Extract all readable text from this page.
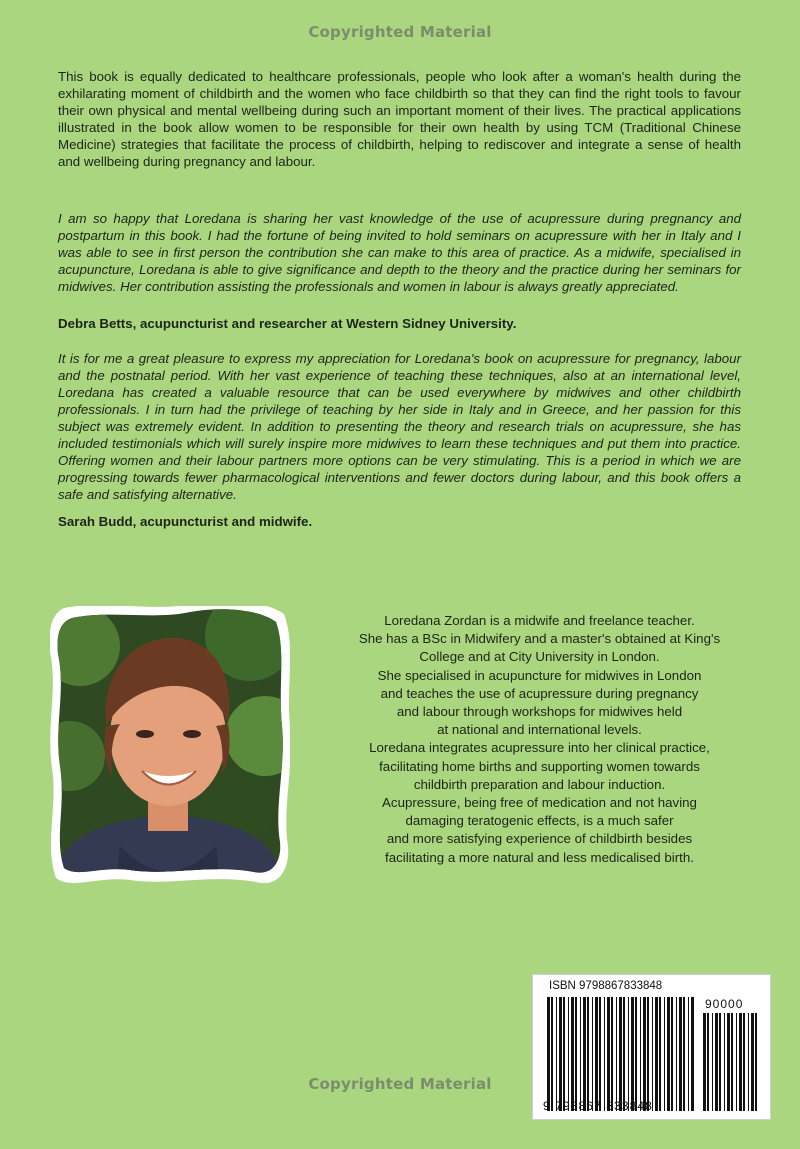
Copyrighted Material

This book is equally dedicated to healthcare professionals, people who look after a woman's health during the exhilarating moment of childbirth and the women who face childbirth so that they can find the right tools to favour their own physical and mental wellbeing during such an important moment of their lives. The practical applications illustrated in the book allow women to be responsible for their own health by using TCM (Traditional Chinese Medicine) strategies that facilitate the process of childbirth, helping to rediscover and integrate a sense of health and wellbeing during pregnancy and labour.

I am so happy that Loredana is sharing her vast knowledge of the use of acupressure during pregnancy and postpartum in this book. I had the fortune of being invited to hold seminars on acupressure with her in Italy and I was able to see in first person the contribution she can make to this area of practice. As a midwife, specialised in acupuncture, Loredana is able to give significance and depth to the theory and the practice during her seminars for midwives. Her contribution assisting the professionals and women in labour is always greatly appreciated.

Debra Betts, acupuncturist and researcher at Western Sidney University.

It is for me a great pleasure to express my appreciation for Loredana's book on acupressure for pregnancy, labour and the postnatal period. With her vast experience of teaching these techniques, also at an international level, Loredana has created a valuable resource that can be used everywhere by midwives and other childbirth professionals. I in turn had the privilege of teaching by her side in Italy and in Greece, and her passion for this subject was extremely evident. In addition to presenting the theory and research trials on acupressure, she has included testimonials which will surely inspire more midwives to learn these techniques and put them into practice. Offering women and their labour partners more options can be very stimulating. This is a period in which we are progressing towards fewer pharmacological interventions and fewer doctors during labour, and this book offers a safe and satisfying alternative.

Sarah Budd, acupuncturist and midwife.

Loredana Zordan is a midwife and freelance teacher.
She has a BSc in Midwifery and a master's obtained at King's
College and at City University in London.
She specialised in acupuncture for midwives in London
and teaches the use of acupressure during pregnancy
and labour through workshops for midwives held
at national and international levels.
Loredana integrates acupressure into her clinical practice,
facilitating home births and supporting women towards
childbirth preparation and labour induction.
Acupressure, being free of medication and not having
damaging teratogenic effects, is a much safer
and more satisfying experience of childbirth besides
facilitating a more natural and less medicalised birth.
ISBN 9798867833848
90000
9 798867 833848
Copyrighted Material
